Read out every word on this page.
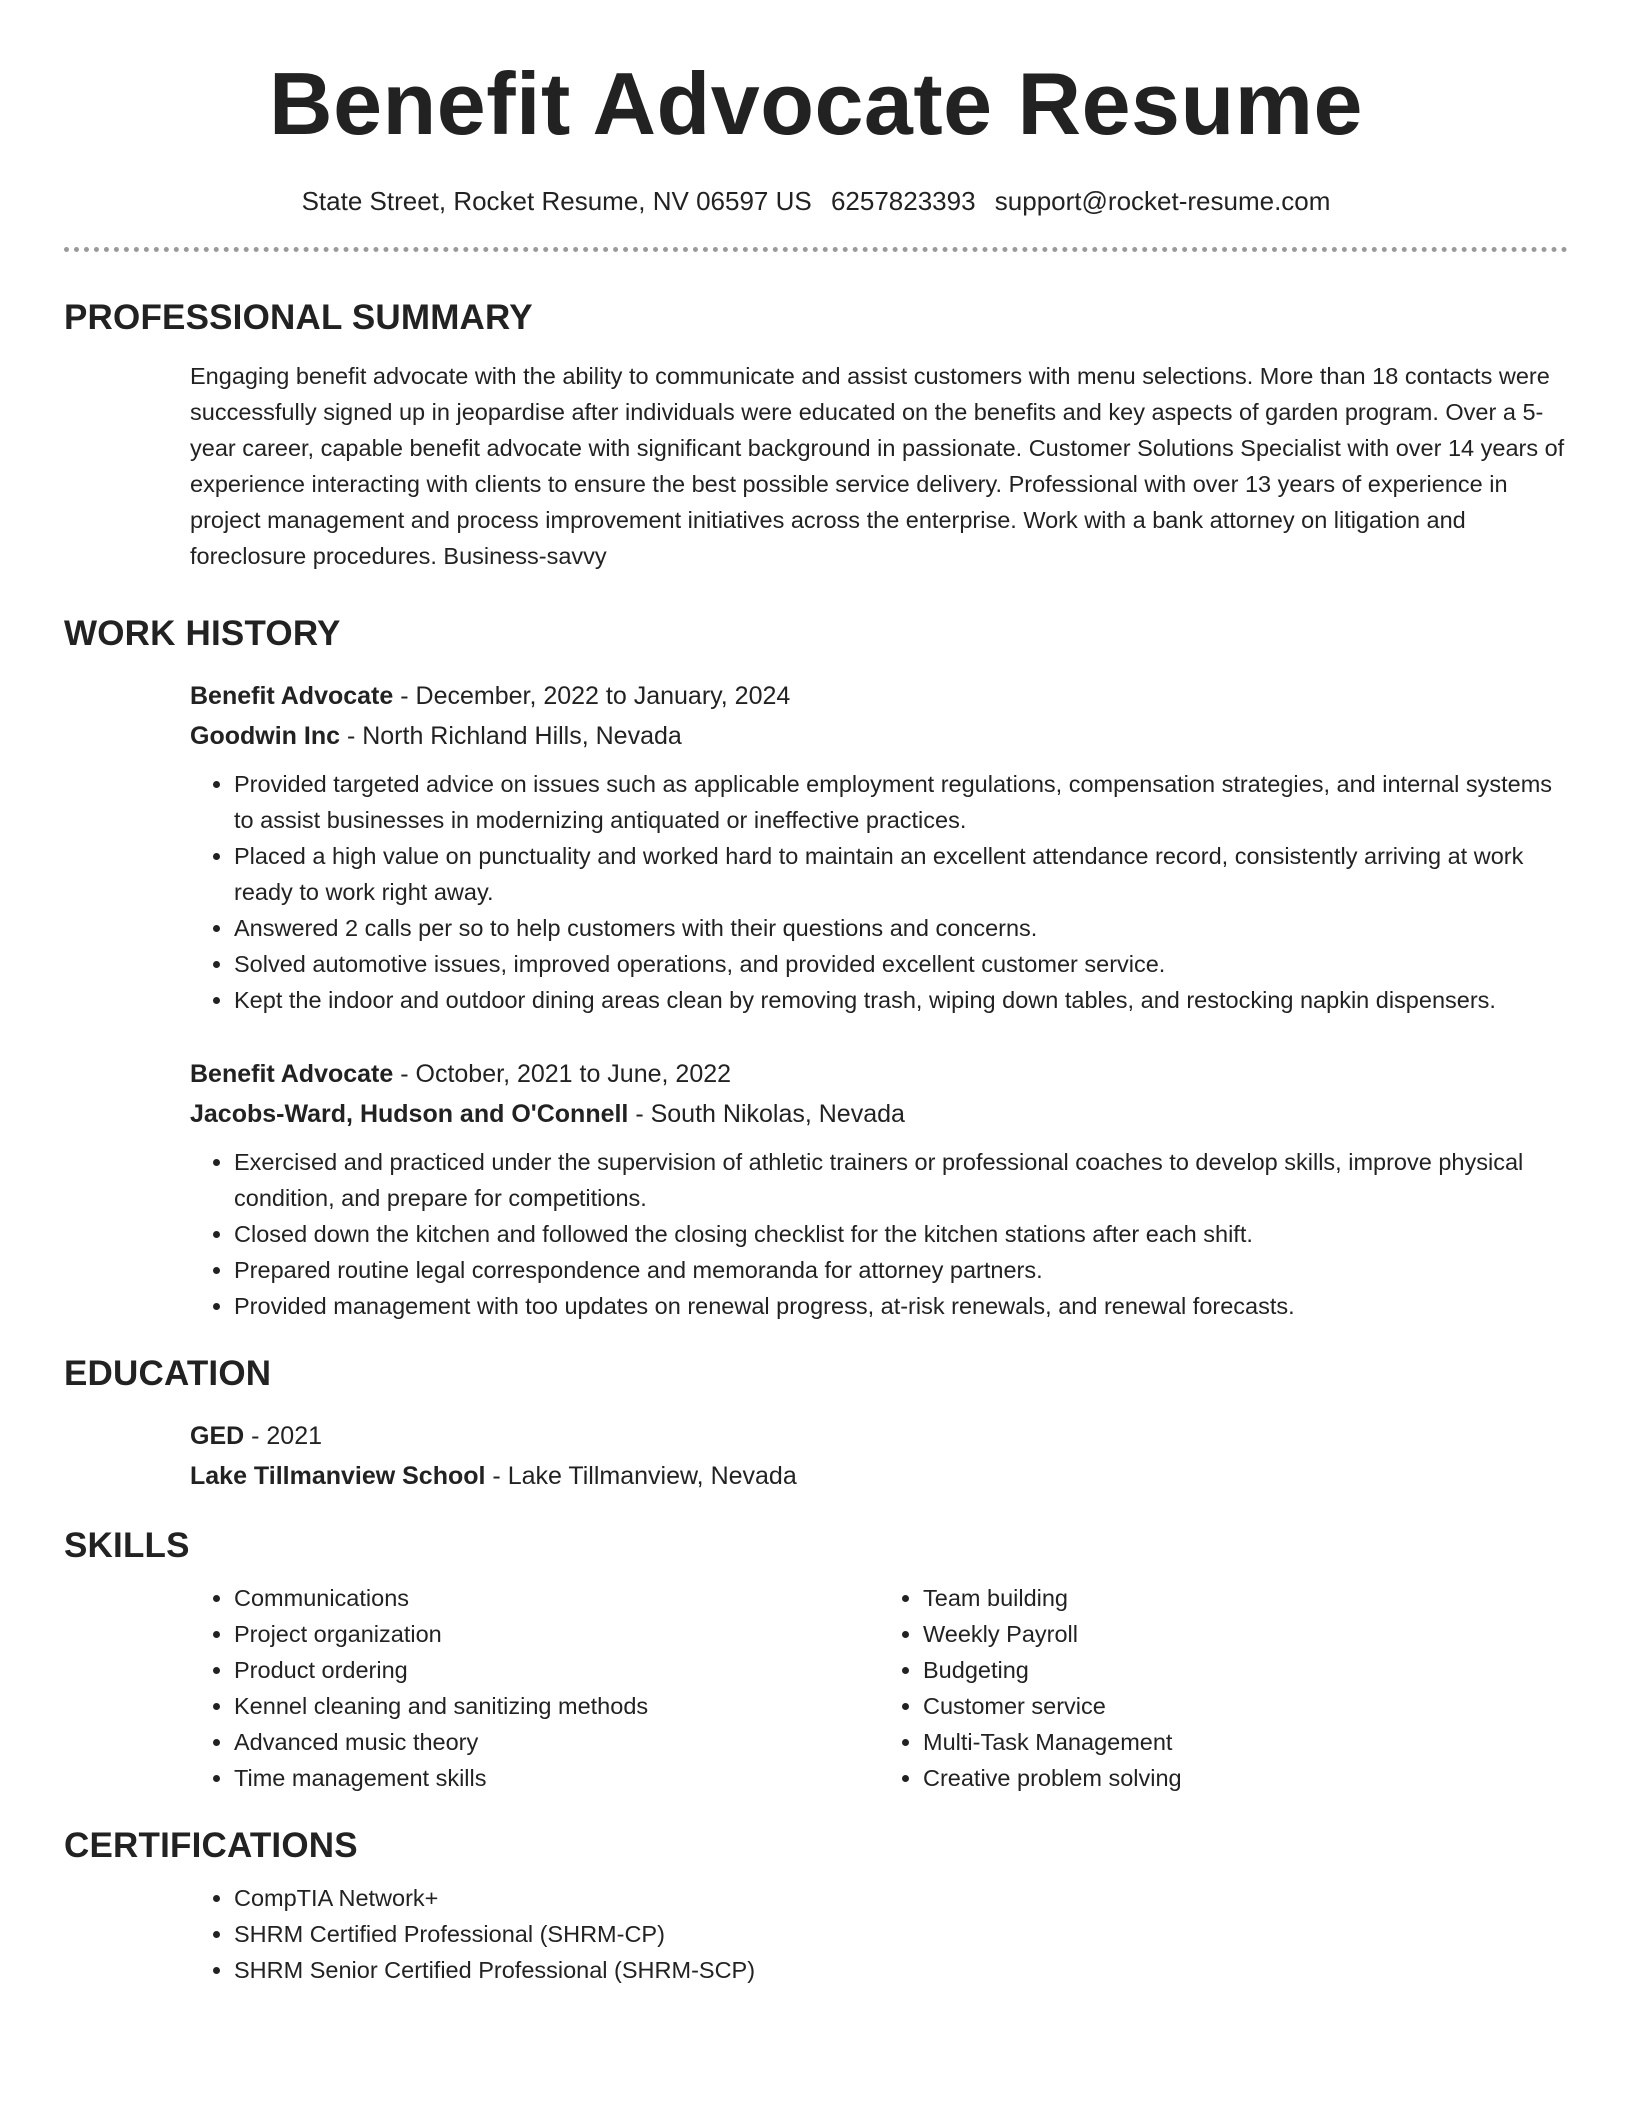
Benefit Advocate Resume
State Street, Rocket Resume, NV 06597 US 6257823393 support@rocket-resume.com
PROFESSIONAL SUMMARY
Engaging benefit advocate with the ability to communicate and assist customers with menu selections. More than 18 contacts were successfully signed up in jeopardise after individuals were educated on the benefits and key aspects of garden program. Over a 5-year career, capable benefit advocate with significant background in passionate. Customer Solutions Specialist with over 14 years of experience interacting with clients to ensure the best possible service delivery. Professional with over 13 years of experience in project management and process improvement initiatives across the enterprise. Work with a bank attorney on litigation and foreclosure procedures. Business-savvy
WORK HISTORY
Benefit Advocate - December, 2022 to January, 2024
Goodwin Inc - North Richland Hills, Nevada
• Provided targeted advice on issues such as applicable employment regulations, compensation strategies, and internal systems to assist businesses in modernizing antiquated or ineffective practices.
• Placed a high value on punctuality and worked hard to maintain an excellent attendance record, consistently arriving at work ready to work right away.
• Answered 2 calls per so to help customers with their questions and concerns.
• Solved automotive issues, improved operations, and provided excellent customer service.
• Kept the indoor and outdoor dining areas clean by removing trash, wiping down tables, and restocking napkin dispensers.
Benefit Advocate - October, 2021 to June, 2022
Jacobs-Ward, Hudson and O'Connell - South Nikolas, Nevada
• Exercised and practiced under the supervision of athletic trainers or professional coaches to develop skills, improve physical condition, and prepare for competitions.
• Closed down the kitchen and followed the closing checklist for the kitchen stations after each shift.
• Prepared routine legal correspondence and memoranda for attorney partners.
• Provided management with too updates on renewal progress, at-risk renewals, and renewal forecasts.
EDUCATION
GED - 2021
Lake Tillmanview School - Lake Tillmanview, Nevada
SKILLS
• Communications
• Project organization
• Product ordering
• Kennel cleaning and sanitizing methods
• Advanced music theory
• Time management skills
• Team building
• Weekly Payroll
• Budgeting
• Customer service
• Multi-Task Management
• Creative problem solving
CERTIFICATIONS
• CompTIA Network+
• SHRM Certified Professional (SHRM-CP)
• SHRM Senior Certified Professional (SHRM-SCP)
